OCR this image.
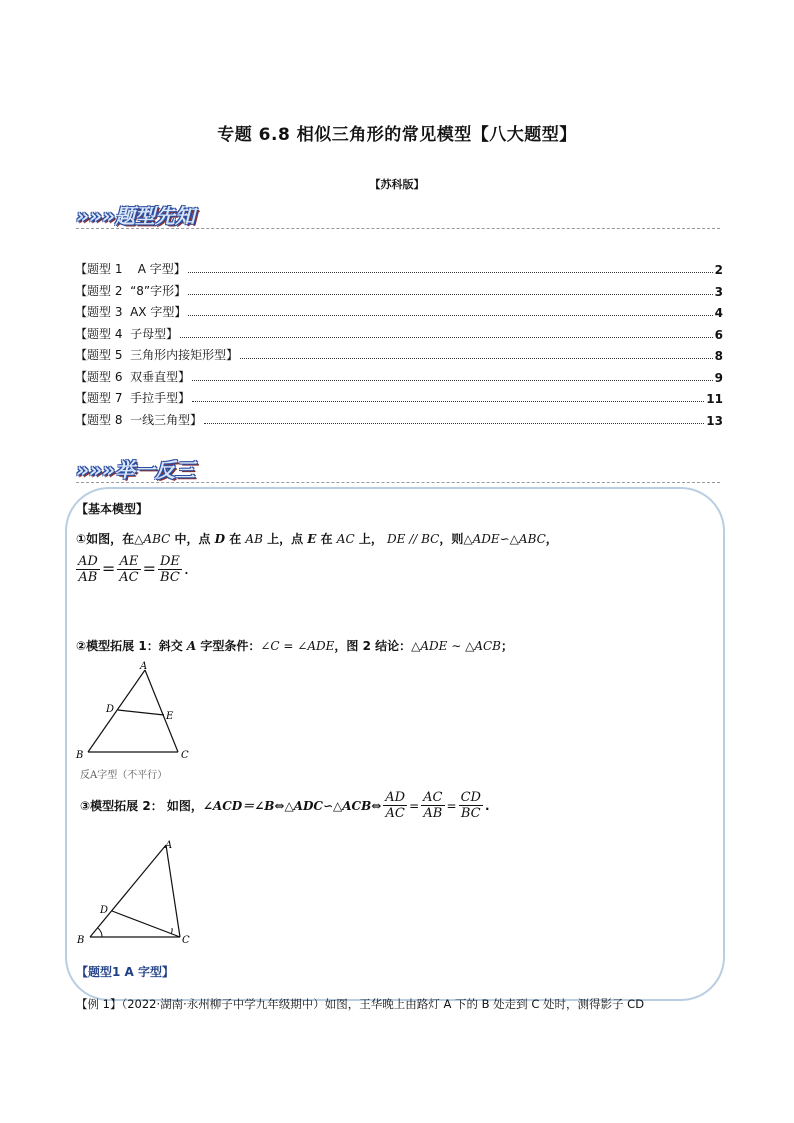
专题 6.8 相似三角形的常见模型【八大题型】
【苏科版】
»»»题型先知
【题型 1    A 字型】	2
【题型 2  “8”字形】	3
【题型 3  AX 字型】	4
【题型 4  子母型】	6
【题型 5  三角形内接矩形型】	8
【题型 6  双垂直型】	9
【题型 7  手拉手型】	11
【题型 8  一线三角型】	13
»»»举一反三
【基本模型】
①如图，在△ABC 中，点 D 在 AB 上，点 E 在 AC 上， DE // BC，则△ADE∽△ABC，
$\frac{AD}{AB} = \frac{AE}{AC} = \frac{DE}{BC}$ .
②模型拓展 1：斜交 A 字型条件：∠C = ∠ADE，图 2 结论：△ADE ∼ △ACB；
A
D
E
B	C
反A字型（不平行）
③模型拓展 2： 如图， ∠ACD＝∠B⇔△ADC∽△ACB⇔ $\frac{AD}{AC} = \frac{AC}{AB} = \frac{CD}{BC}$ .
A
D
B	C
【题型1 A 字型】
【例 1】（2022·湖南·永州柳子中学九年级期中）如图，王华晚上由路灯 A 下的 B 处走到 C 处时，测得影子 CD
